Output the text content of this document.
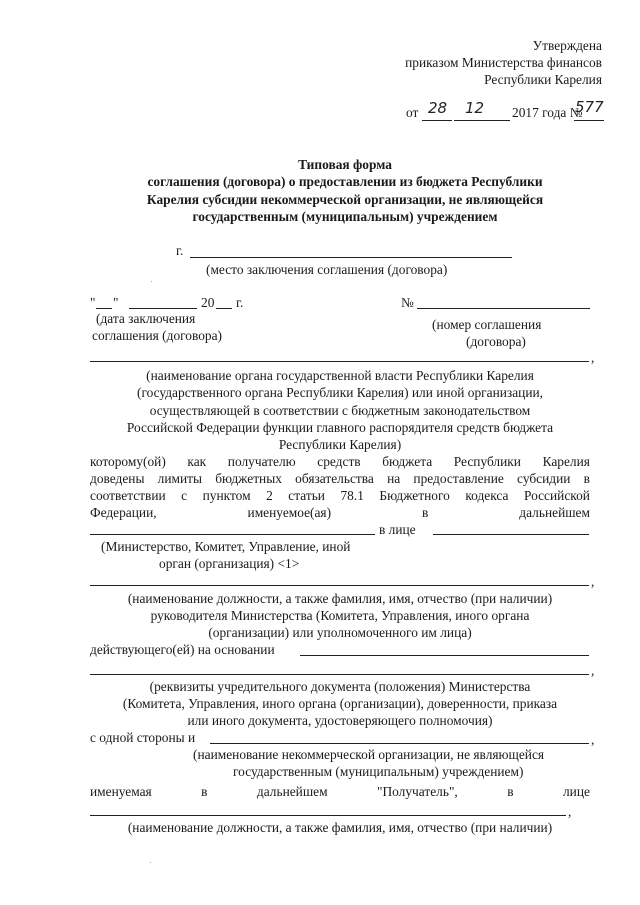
Утверждена
приказом Министерства финансов
Республики Карелия
от 28 12 2017 года №
577
Типовая форма
соглашения (договора) о предоставлении из бюджета Республики
Карелия субсидии некоммерческой организации, не являющейся
государственным (муниципальным) учреждением
г.
(место заключения соглашения (договора)
" "	20 г.
(дата заключения
соглашения (договора)
№
(номер соглашения
(договора)
,
(наименование органа государственной власти Республики Карелия
(государственного органа Республики Карелия) или иной организации,
осуществляющей в соответствии с бюджетным законодательством
Российской Федерации функции главного распорядителя средств бюджета
Республики Карелия)
которому(ой) как получателю средств бюджета Республики Карелия
доведены лимиты бюджетных обязательства на предоставление субсидии в
соответствии с пунктом 2 статьи 78.1 Бюджетного кодекса Российской
Федерации,	именуемое(ая)	в	дальнейшем
в лице
(Министерство, Комитет, Управление, иной
орган (организация) <1>
,
(наименование должности, а также фамилия, имя, отчество (при наличии)
руководителя Министерства (Комитета, Управления, иного органа
(организации) или уполномоченного им лица)
действующего(ей) на основании
,
(реквизиты учредительного документа (положения) Министерства
(Комитета, Управления, иного органа (организации), доверенности, приказа
или иного документа, удостоверяющего полномочия)
с одной стороны и	,
(наименование некоммерческой организации, не являющейся
государственным (муниципальным) учреждением)
именуемая	в	дальнейшем	"Получатель",	в	лице
,
(наименование должности, а также фамилия, имя, отчество (при наличии)
